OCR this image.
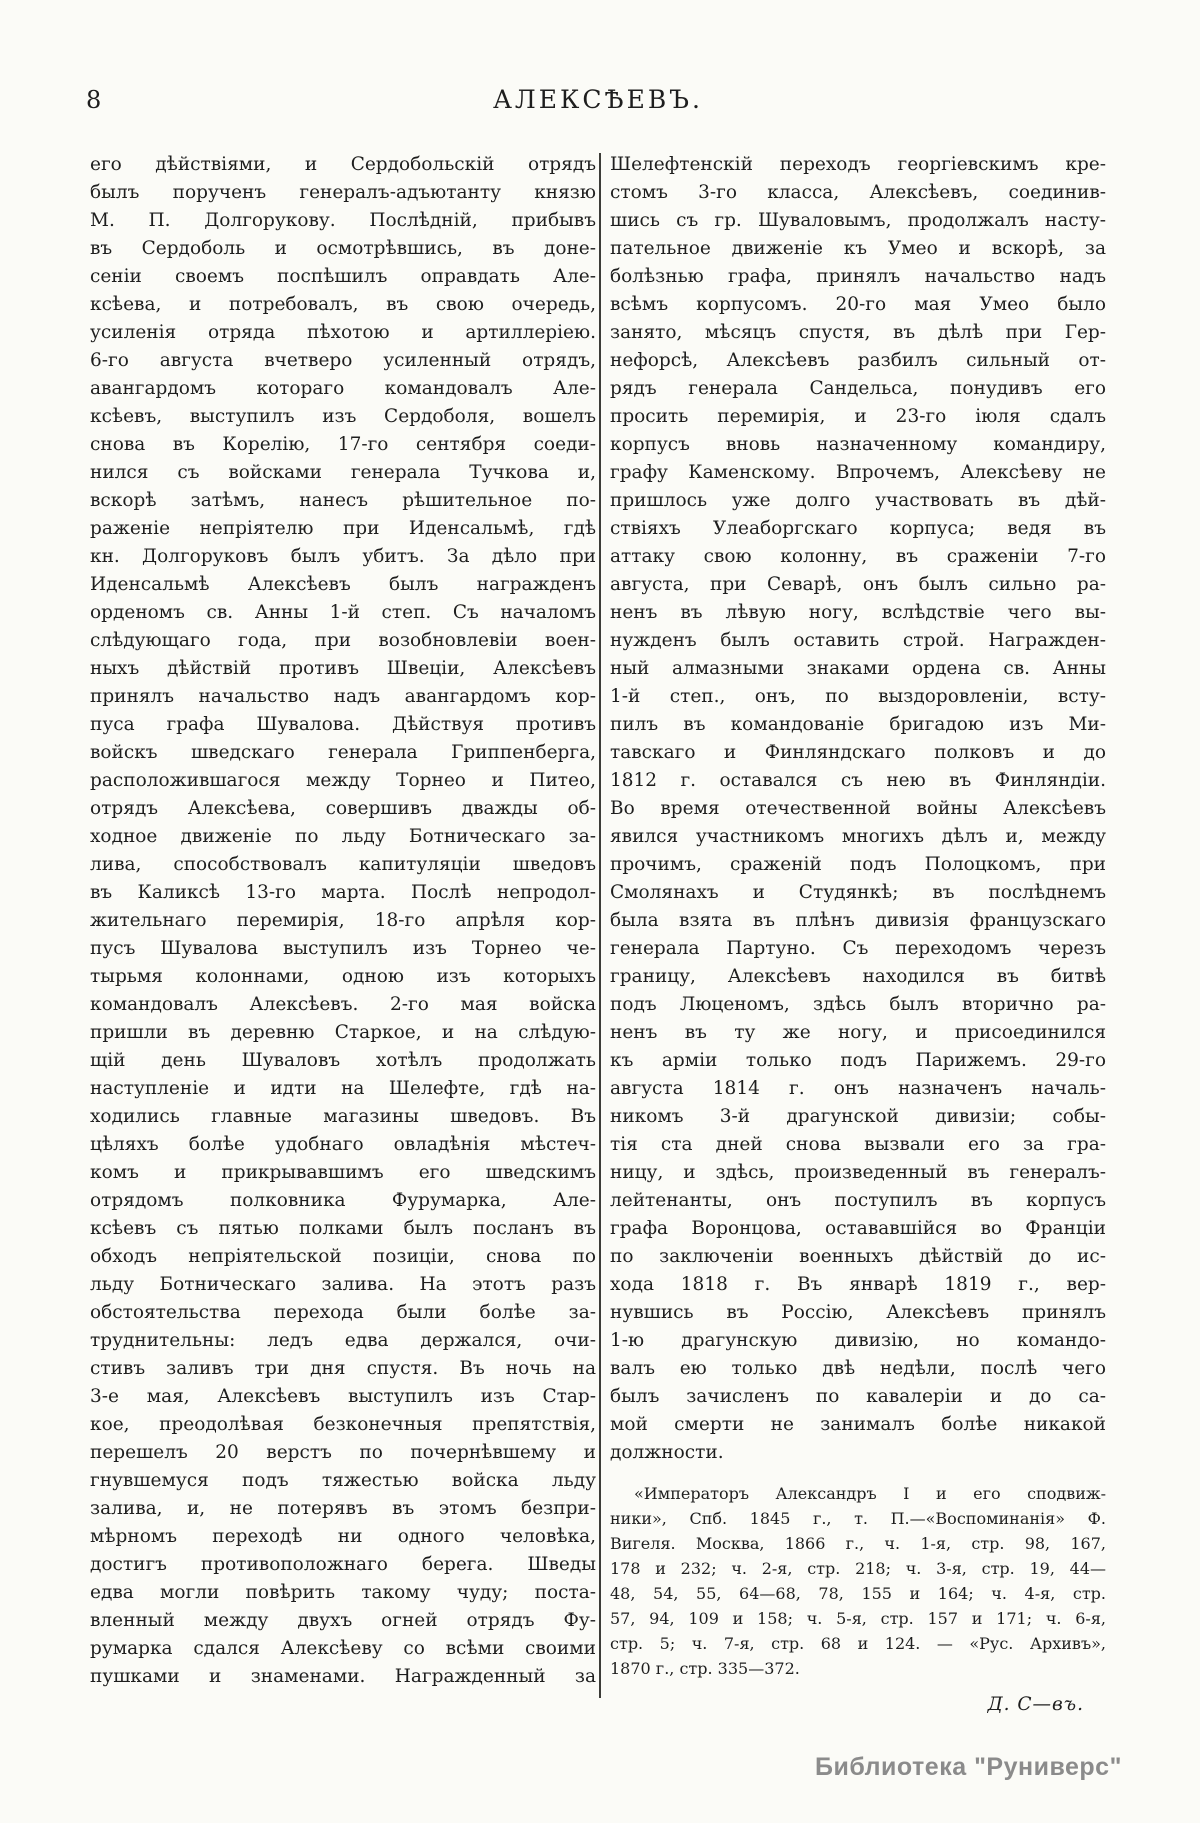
8	АЛЕКСѢЕВЪ.
его дѣйствіями, и Сердобольскій отрядъ
былъ порученъ генералъ-адъютанту князю
М. П. Долгорукову. Послѣдній, прибывъ
въ Сердоболь и осмотрѣвшись, въ доне-
сеніи своемъ поспѣшилъ оправдать Але-
ксѣева, и потребовалъ, въ свою очередь,
усиленія отряда пѣхотою и артиллеріею.
6-го августа вчетверо усиленный отрядъ,
авангардомъ котораго командовалъ Але-
ксѣевъ, выступилъ изъ Сердоболя, вошелъ
снова въ Корелію, 17-го сентября соеди-
нился съ войсками генерала Тучкова и,
вскорѣ затѣмъ, нанесъ рѣшительное по-
раженіе непріятелю при Иденсальмѣ, гдѣ
кн. Долгоруковъ былъ убитъ. За дѣло при
Иденсальмѣ Алексѣевъ былъ награжденъ
орденомъ св. Анны 1-й степ. Съ началомъ
слѣдующаго года, при возобновлевіи воен-
ныхъ дѣйствій противъ Швеціи, Алексѣевъ
принялъ начальство надъ авангардомъ кор-
пуса графа Шувалова. Дѣйствуя противъ
войскъ шведскаго генерала Гриппенберга,
расположившагося между Торнео и Питео,
отрядъ Алексѣева, совершивъ дважды об-
ходное движеніе по льду Ботническаго за-
лива, способствовалъ капитуляціи шведовъ
въ Каликсѣ 13-го марта. Послѣ непродол-
жительнаго перемирія, 18-го апрѣля кор-
пусъ Шувалова выступилъ изъ Торнео че-
тырьмя колоннами, одною изъ которыхъ
командовалъ Алексѣевъ. 2-го мая войска
пришли въ деревню Старкое, и на слѣдую-
щій день Шуваловъ хотѣлъ продолжать
наступленіе и идти на Шелефте, гдѣ на-
ходились главные магазины шведовъ. Въ
цѣляхъ болѣе удобнаго овладѣнія мѣстеч-
комъ и прикрывавшимъ его шведскимъ
отрядомъ полковника Фурумарка, Але-
ксѣевъ съ пятью полками былъ посланъ въ
обходъ непріятельской позиціи, снова по
льду Ботническаго залива. На этотъ разъ
обстоятельства перехода были болѣе за-
труднительны: ледъ едва держался, очи-
стивъ заливъ три дня спустя. Въ ночь на
3-е мая, Алексѣевъ выступилъ изъ Стар-
кое, преодолѣвая безконечныя препятствія,
перешелъ 20 верстъ по почернѣвшему и
гнувшемуся подъ тяжестью войска льду
залива, и, не потерявъ въ этомъ безпри-
мѣрномъ переходѣ ни одного человѣка,
достигъ противоположнаго берега. Шведы
едва могли повѣрить такому чуду; поста-
вленный между двухъ огней отрядъ Фу-
румарка сдался Алексѣеву со всѣми своими
пушками и знаменами. Награжденный за
Шелефтенскій переходъ георгіевскимъ кре-
стомъ 3-го класса, Алексѣевъ, соединив-
шись съ гр. Шуваловымъ, продолжалъ насту-
пательное движеніе къ Умео и вскорѣ, за
болѣзнью графа, принялъ начальство надъ
всѣмъ корпусомъ. 20-го мая Умео было
занято, мѣсяцъ спустя, въ дѣлѣ при Гер-
нефорсѣ, Алексѣевъ разбилъ сильный от-
рядъ генерала Сандельса, понудивъ его
просить перемирія, и 23-го іюля сдалъ
корпусъ вновь назначенному командиру,
графу Каменскому. Впрочемъ, Алексѣеву не
пришлось уже долго участвовать въ дѣй-
ствіяхъ Улеаборгскаго корпуса; ведя въ
аттаку свою колонну, въ сраженіи 7-го
августа, при Севарѣ, онъ былъ сильно ра-
ненъ въ лѣвую ногу, вслѣдствіе чего вы-
нужденъ былъ оставить строй. Награжден-
ный алмазными знаками ордена св. Анны
1-й степ., онъ, по выздоровленіи, всту-
пилъ въ командованіе бригадою изъ Ми-
тавскаго и Финляндскаго полковъ и до
1812 г. оставался съ нею въ Финляндіи.
Во время отечественной войны Алексѣевъ
явился участникомъ многихъ дѣлъ и, между
прочимъ, сраженій подъ Полоцкомъ, при
Смолянахъ и Студянкѣ; въ послѣднемъ
была взята въ плѣнъ дивизія французскаго
генерала Партуно. Съ переходомъ черезъ
границу, Алексѣевъ находился въ битвѣ
подъ Люценомъ, здѣсь былъ вторично ра-
ненъ въ ту же ногу, и присоединился
къ арміи только подъ Парижемъ. 29-го
августа 1814 г. онъ назначенъ началь-
никомъ 3-й драгунской дивизіи; собы-
тія ста дней снова вызвали его за гра-
ницу, и здѣсь, произведенный въ генералъ-
лейтенанты, онъ поступилъ въ корпусъ
графа Воронцова, остававшійся во Франціи
по заключеніи военныхъ дѣйствій до ис-
хода 1818 г. Въ январѣ 1819 г., вер-
нувшись въ Россію, Алексѣевъ принялъ
1-ю драгунскую дивизію, но командо-
валъ ею только двѣ недѣли, послѣ чего
былъ зачисленъ по кавалеріи и до са-
мой смерти не занималъ болѣе никакой
должности.
«Императоръ Александръ I и его сподвиж-
ники», Спб. 1845 г., т. П.—«Воспоминанія» Ф.
Вигеля. Москва, 1866 г., ч. 1-я, стр. 98, 167,
178 и 232; ч. 2-я, стр. 218; ч. 3-я, стр. 19, 44—
48, 54, 55, 64—68, 78, 155 и 164; ч. 4-я, стр.
57, 94, 109 и 158; ч. 5-я, стр. 157 и 171; ч. 6-я,
стр. 5; ч. 7-я, стр. 68 и 124. — «Рус. Архивъ»,
1870 г., стр. 335—372.
Д. С—въ.
Библиотека "Руниверс"
